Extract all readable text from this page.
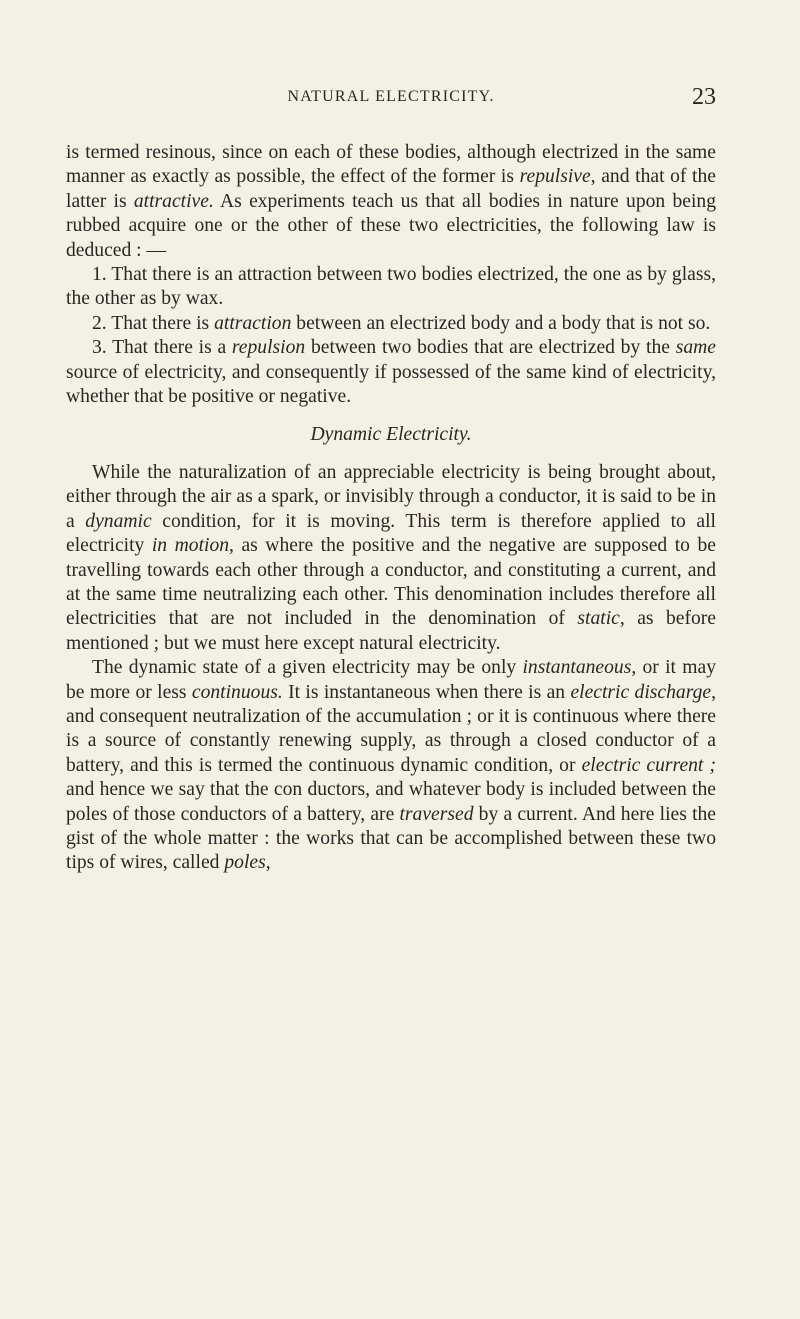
NATURAL ELECTRICITY.	23

is termed resinous, since on each of these bodies, although electrized in the same manner as exactly as possible, the effect of the former is repulsive, and that of the latter is attractive. As experiments teach us that all bodies in nature upon being rubbed acquire one or the other of these two electricities, the following law is deduced : —

1. That there is an attraction between two bodies electrized, the one as by glass, the other as by wax.

2. That there is attraction between an electrized body and a body that is not so.

3. That there is a repulsion between two bodies that are electrized by the same source of electricity, and consequently if possessed of the same kind of electricity, whether that be positive or negative.

Dynamic Electricity.

While the naturalization of an appreciable electricity is being brought about, either through the air as a spark, or invisibly through a conductor, it is said to be in a dynamic condition, for it is moving. This term is therefore applied to all electricity in motion, as where the positive and the negative are supposed to be travelling towards each other through a conductor, and constituting a current, and at the same time neutralizing each other. This denomination includes therefore all electricities that are not included in the denomination of static, as before mentioned ; but we must here except natural electricity.

The dynamic state of a given electricity may be only instantaneous, or it may be more or less continuous. It is instantaneous when there is an electric discharge, and consequent neutralization of the accumulation ; or it is continuous where there is a source of constantly renewing supply, as through a closed conductor of a battery, and this is termed the continuous dynamic condition, or electric current ; and hence we say that the con ductors, and whatever body is included between the poles of those conductors of a battery, are traversed by a current. And here lies the gist of the whole matter : the works that can be accomplished between these two tips of wires, called poles,
